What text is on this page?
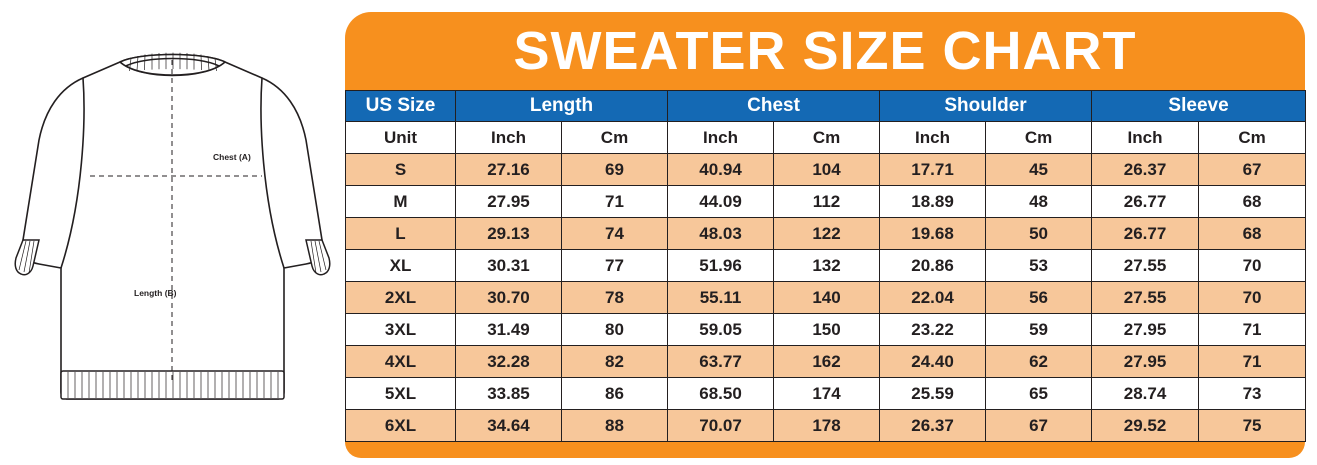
Chest (A)
Length (B)
SWEATER SIZE CHART
US Size	Length		Chest		Shoulder		Sleeve	
Unit	Inch	Cm	Inch	Cm	Inch	Cm	Inch	Cm
S	27.16	69	40.94	104	17.71	45	26.37	67
M	27.95	71	44.09	112	18.89	48	26.77	68
L	29.13	74	48.03	122	19.68	50	26.77	68
XL	30.31	77	51.96	132	20.86	53	27.55	70
2XL	30.70	78	55.11	140	22.04	56	27.55	70
3XL	31.49	80	59.05	150	23.22	59	27.95	71
4XL	32.28	82	63.77	162	24.40	62	27.95	71
5XL	33.85	86	68.50	174	25.59	65	28.74	73
6XL	34.64	88	70.07	178	26.37	67	29.52	75
